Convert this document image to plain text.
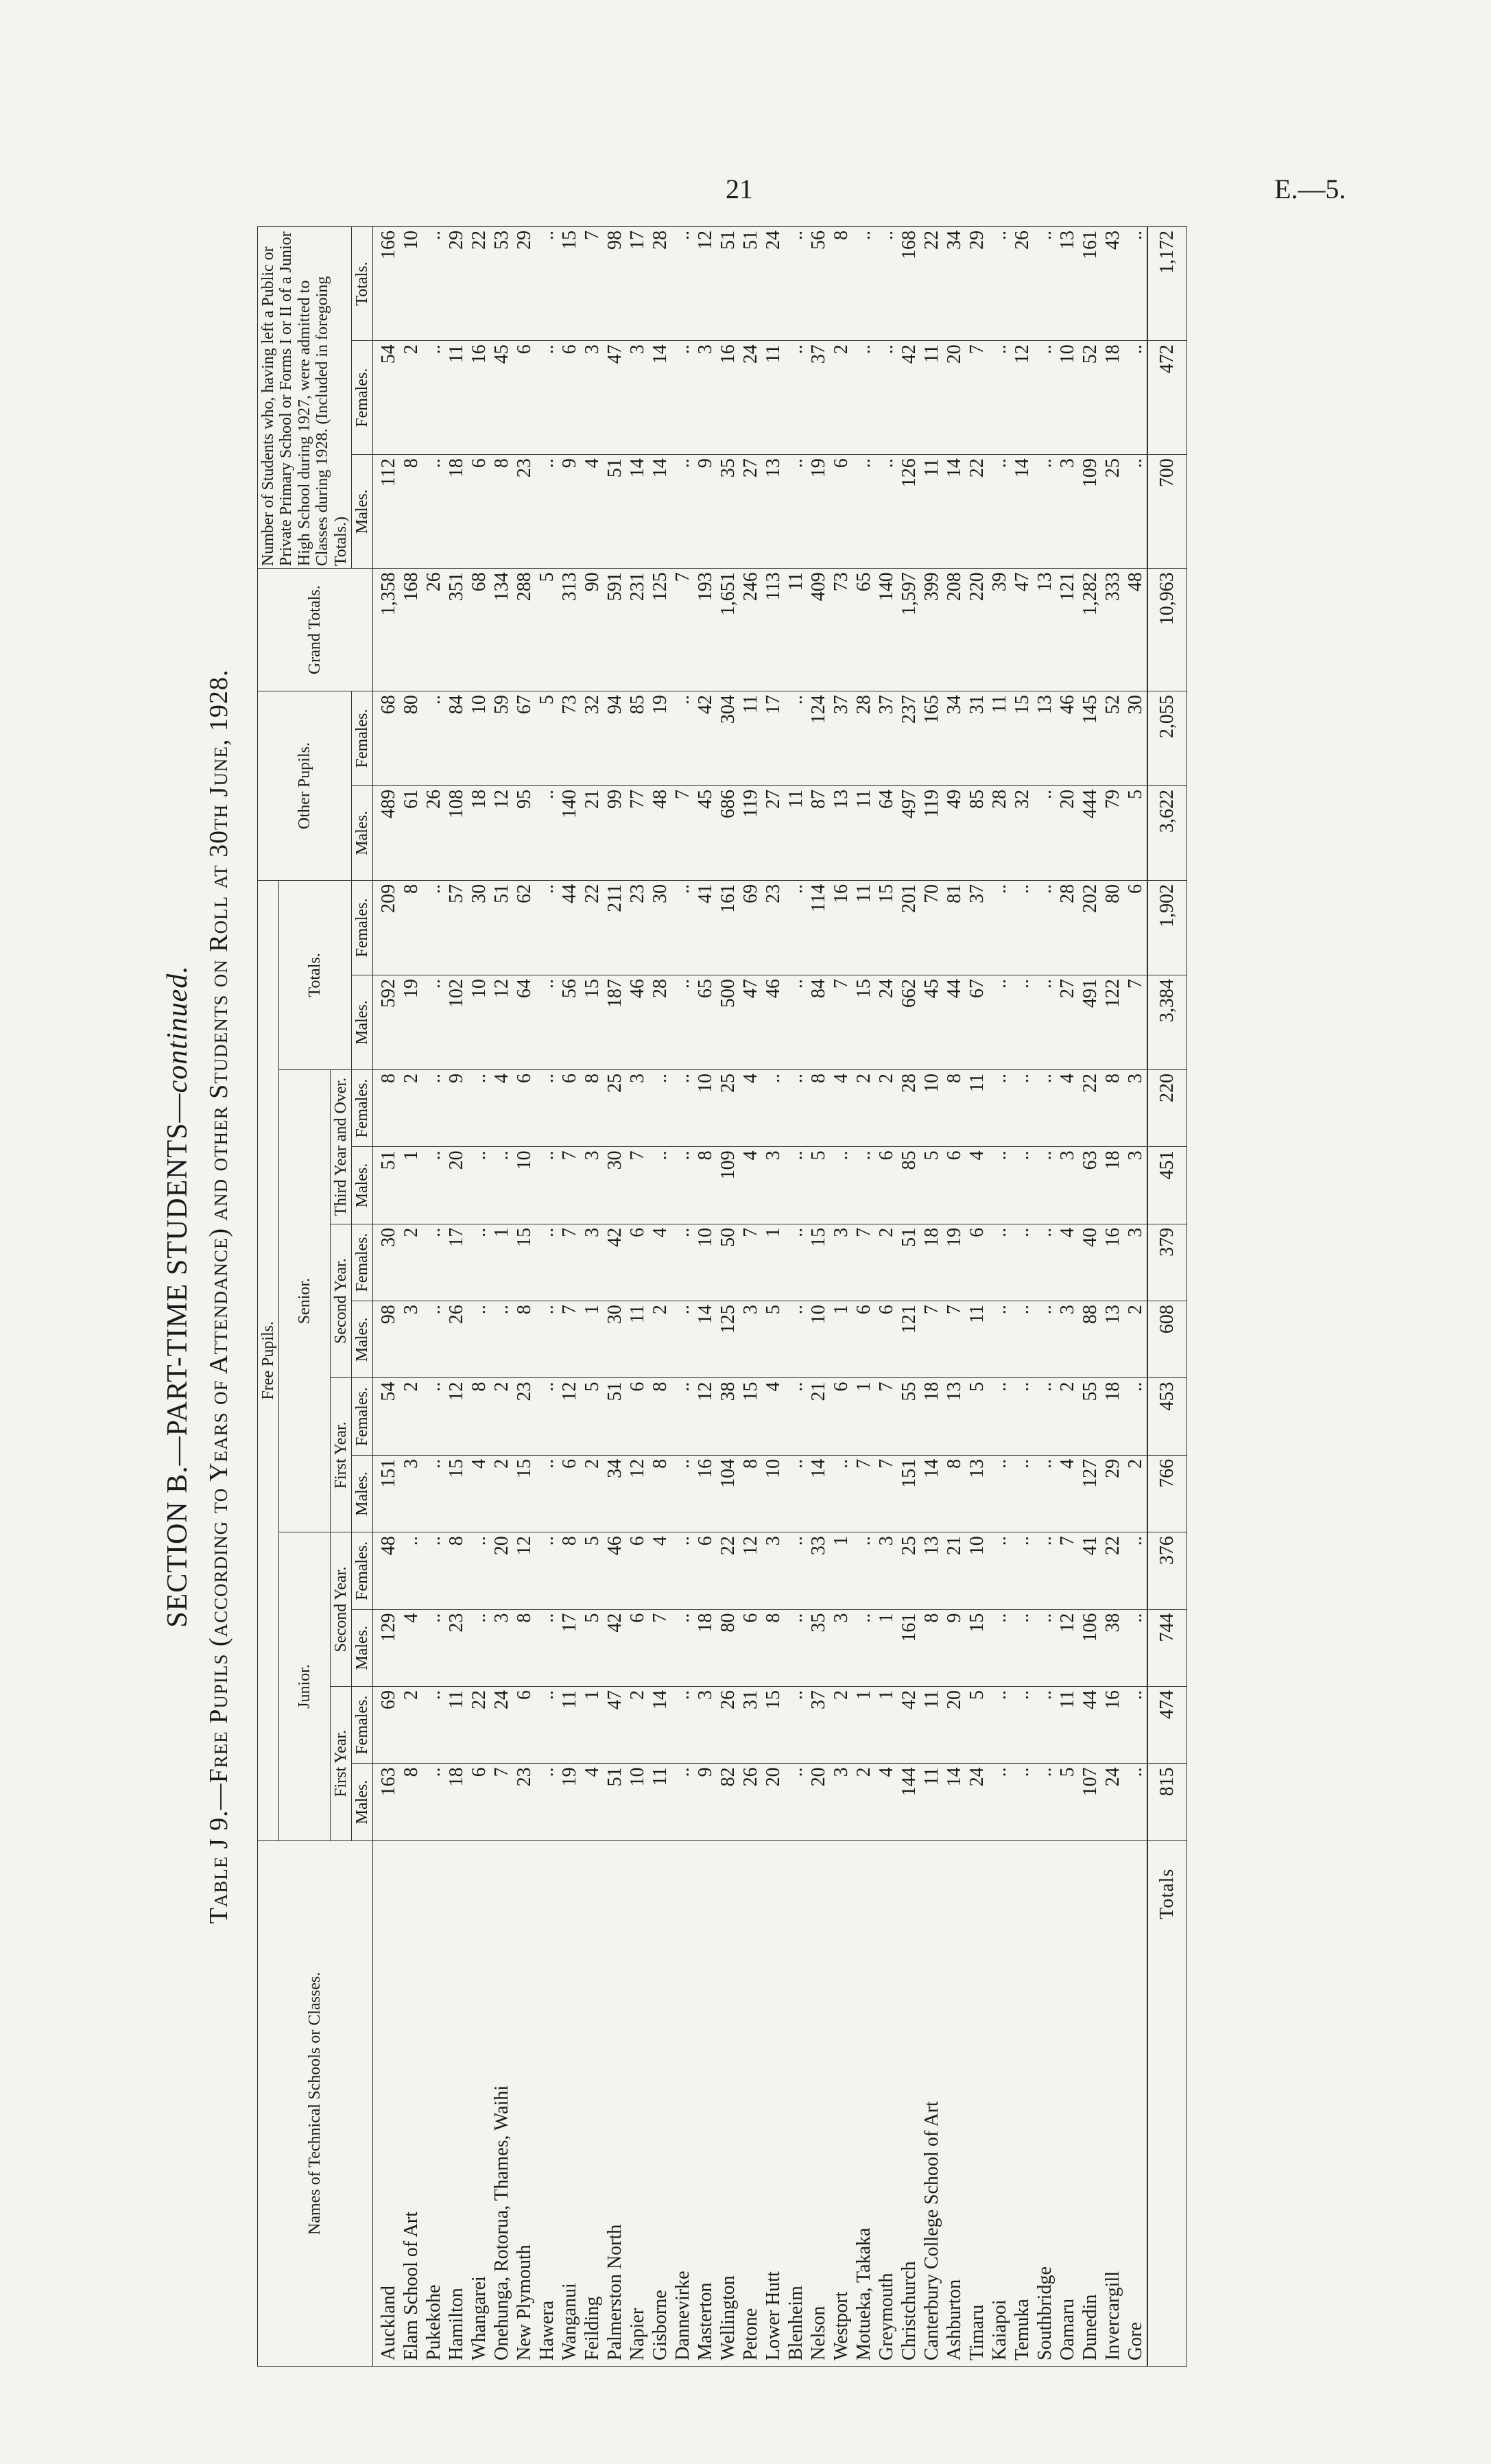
21	E.—5.
SECTION B.—PART-TIME STUDENTS—continued. Table J 9.—Free Pupils (according to Years of Attendance) and other Students on Roll at 30th June, 1928.
Names of Technical Schools or Classes.	Free Pupils.												Other Pupils.		Grand Totals.	Number of Students who, having left a Public or Private Primary School or Forms I or II of a Junior High School during 1927, were admitted to Classes during 1928. (Included in foregoing Totals.)		
	Junior.				Senior.						Totals.							
	First Year.		Second Year.		First Year.		Second Year.		Third Year and Over.									
	Males.	Females.	Males.	Females.	Males.	Females.	Males.	Females.	Males.	Females.	Males.	Females.	Males.	Females.		Males.	Females.	Totals.
Auckland	163	69	129	48	151	54	98	30	51	8	592	209	489	68	1,358	112	54	166
Elam School of Art	8	2	4	..	3	2	3	2	1	2	19	8	61	80	168	8	2	10
Pukekohe	..	..	..	..	..	..	..	..	..	..	..	..	26	..	26	..	..	..
Hamilton	18	11	23	8	15	12	26	17	20	9	102	57	108	84	351	18	11	29
Whangarei	6	22	..	..	4	8	..	..	..	..	10	30	18	10	68	6	16	22
Onehunga, Rotorua, Thames, Waihi	7	24	3	20	2	2	..	1	..	4	12	51	12	59	134	8	45	53
New Plymouth	23	6	8	12	15	23	8	15	10	6	64	62	95	67	288	23	6	29
Hawera	..	..	..	..	..	..	..	..	..	..	..	..	..	5	5	..	..	..
Wanganui	19	11	17	8	6	12	7	7	7	6	56	44	140	73	313	9	6	15
Feilding	4	1	5	5	2	5	1	3	3	8	15	22	21	32	90	4	3	7
Palmerston North	51	47	42	46	34	51	30	42	30	25	187	211	99	94	591	51	47	98
Napier	10	2	6	6	12	6	11	6	7	3	46	23	77	85	231	14	3	17
Gisborne	11	14	7	4	8	8	2	4	..	..	28	30	48	19	125	14	14	28
Dannevirke	..	..	..	..	..	..	..	..	..	..	..	..	7	..	7	..	..	..
Masterton	9	3	18	6	16	12	14	10	8	10	65	41	45	42	193	9	3	12
Wellington	82	26	80	22	104	38	125	50	109	25	500	161	686	304	1,651	35	16	51
Petone	26	31	6	12	8	15	3	7	4	4	47	69	119	11	246	27	24	51
Lower Hutt	20	15	8	3	10	4	5	1	3	..	46	23	27	17	113	13	11	24
Blenheim	..	..	..	..	..	..	..	..	..	..	..	..	11	..	11	..	..	..
Nelson	20	37	35	33	14	21	10	15	5	8	84	114	87	124	409	19	37	56
Westport	3	2	3	1	..	6	1	3	..	4	7	16	13	37	73	6	2	8
Motueka, Takaka	2	1	..	..	7	1	6	7	..	2	15	11	11	28	65	..	..	..
Greymouth	4	1	1	3	7	7	6	2	6	2	24	15	64	37	140	..	..	..
Christchurch	144	42	161	25	151	55	121	51	85	28	662	201	497	237	1,597	126	42	168
Canterbury College School of Art	11	11	8	13	14	18	7	18	5	10	45	70	119	165	399	11	11	22
Ashburton	14	20	9	21	8	13	7	19	6	8	44	81	49	34	208	14	20	34
Timaru	24	5	15	10	13	5	11	6	4	11	67	37	85	31	220	22	7	29
Kaiapoi	..	..	..	..	..	..	..	..	..	..	..	..	28	11	39	..	..	..
Temuka	..	..	..	..	..	..	..	..	..	..	..	..	32	15	47	14	12	26
Southbridge	..	..	..	..	..	..	..	..	..	..	..	..	..	13	13	..	..	..
Oamaru	5	11	12	7	4	2	3	4	3	4	27	28	20	46	121	3	10	13
Dunedin	107	44	106	41	127	55	88	40	63	22	491	202	444	145	1,282	109	52	161
Invercargill	24	16	38	22	29	18	13	16	18	8	122	80	79	52	333	25	18	43
Gore	..	..	..	..	2	..	2	3	3	3	7	6	5	30	48	..	..	..
Totals	815	474	744	376	766	453	608	379	451	220	3,384	1,902	3,622	2,055	10,963	700	472	1,172
